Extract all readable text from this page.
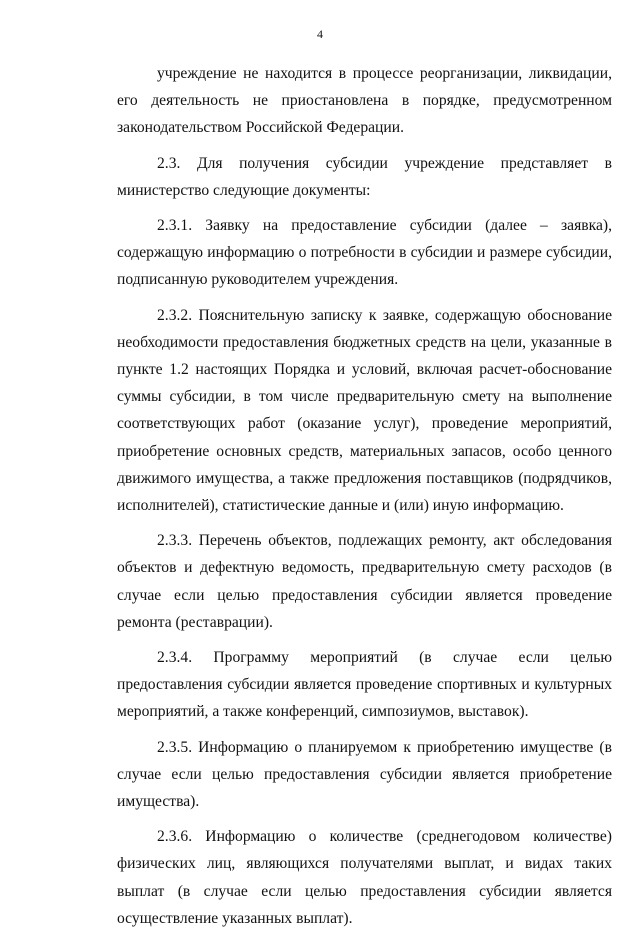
4

учреждение не находится в процессе реорганизации, ликвидации, его деятельность не приостановлена в порядке, предусмотренном законодательством Российской Федерации.

2.3. Для получения субсидии учреждение представляет в министерство следующие документы:

2.3.1. Заявку на предоставление субсидии (далее – заявка), содержащую информацию о потребности в субсидии и размере субсидии, подписанную руководителем учреждения.

2.3.2. Пояснительную записку к заявке, содержащую обоснование необходимости предоставления бюджетных средств на цели, указанные в пункте 1.2 настоящих Порядка и условий, включая расчет-обоснование суммы субсидии, в том числе предварительную смету на выполнение соответствующих работ (оказание услуг), проведение мероприятий, приобретение основных средств, материальных запасов, особо ценного движимого имущества, а также предложения поставщиков (подрядчиков, исполнителей), статистические данные и (или) иную информацию.

2.3.3. Перечень объектов, подлежащих ремонту, акт обследования объектов и дефектную ведомость, предварительную смету расходов (в случае если целью предоставления субсидии является проведение ремонта (реставрации).

2.3.4. Программу мероприятий (в случае если целью предоставления субсидии является проведение спортивных и культурных мероприятий, а также конференций, симпозиумов, выставок).

2.3.5. Информацию о планируемом к приобретению имуществе (в случае если целью предоставления субсидии является приобретение имущества).

2.3.6. Информацию о количестве (среднегодовом количестве) физических лиц, являющихся получателями выплат, и видах таких выплат (в случае если целью предоставления субсидии является осуществление указанных выплат).
